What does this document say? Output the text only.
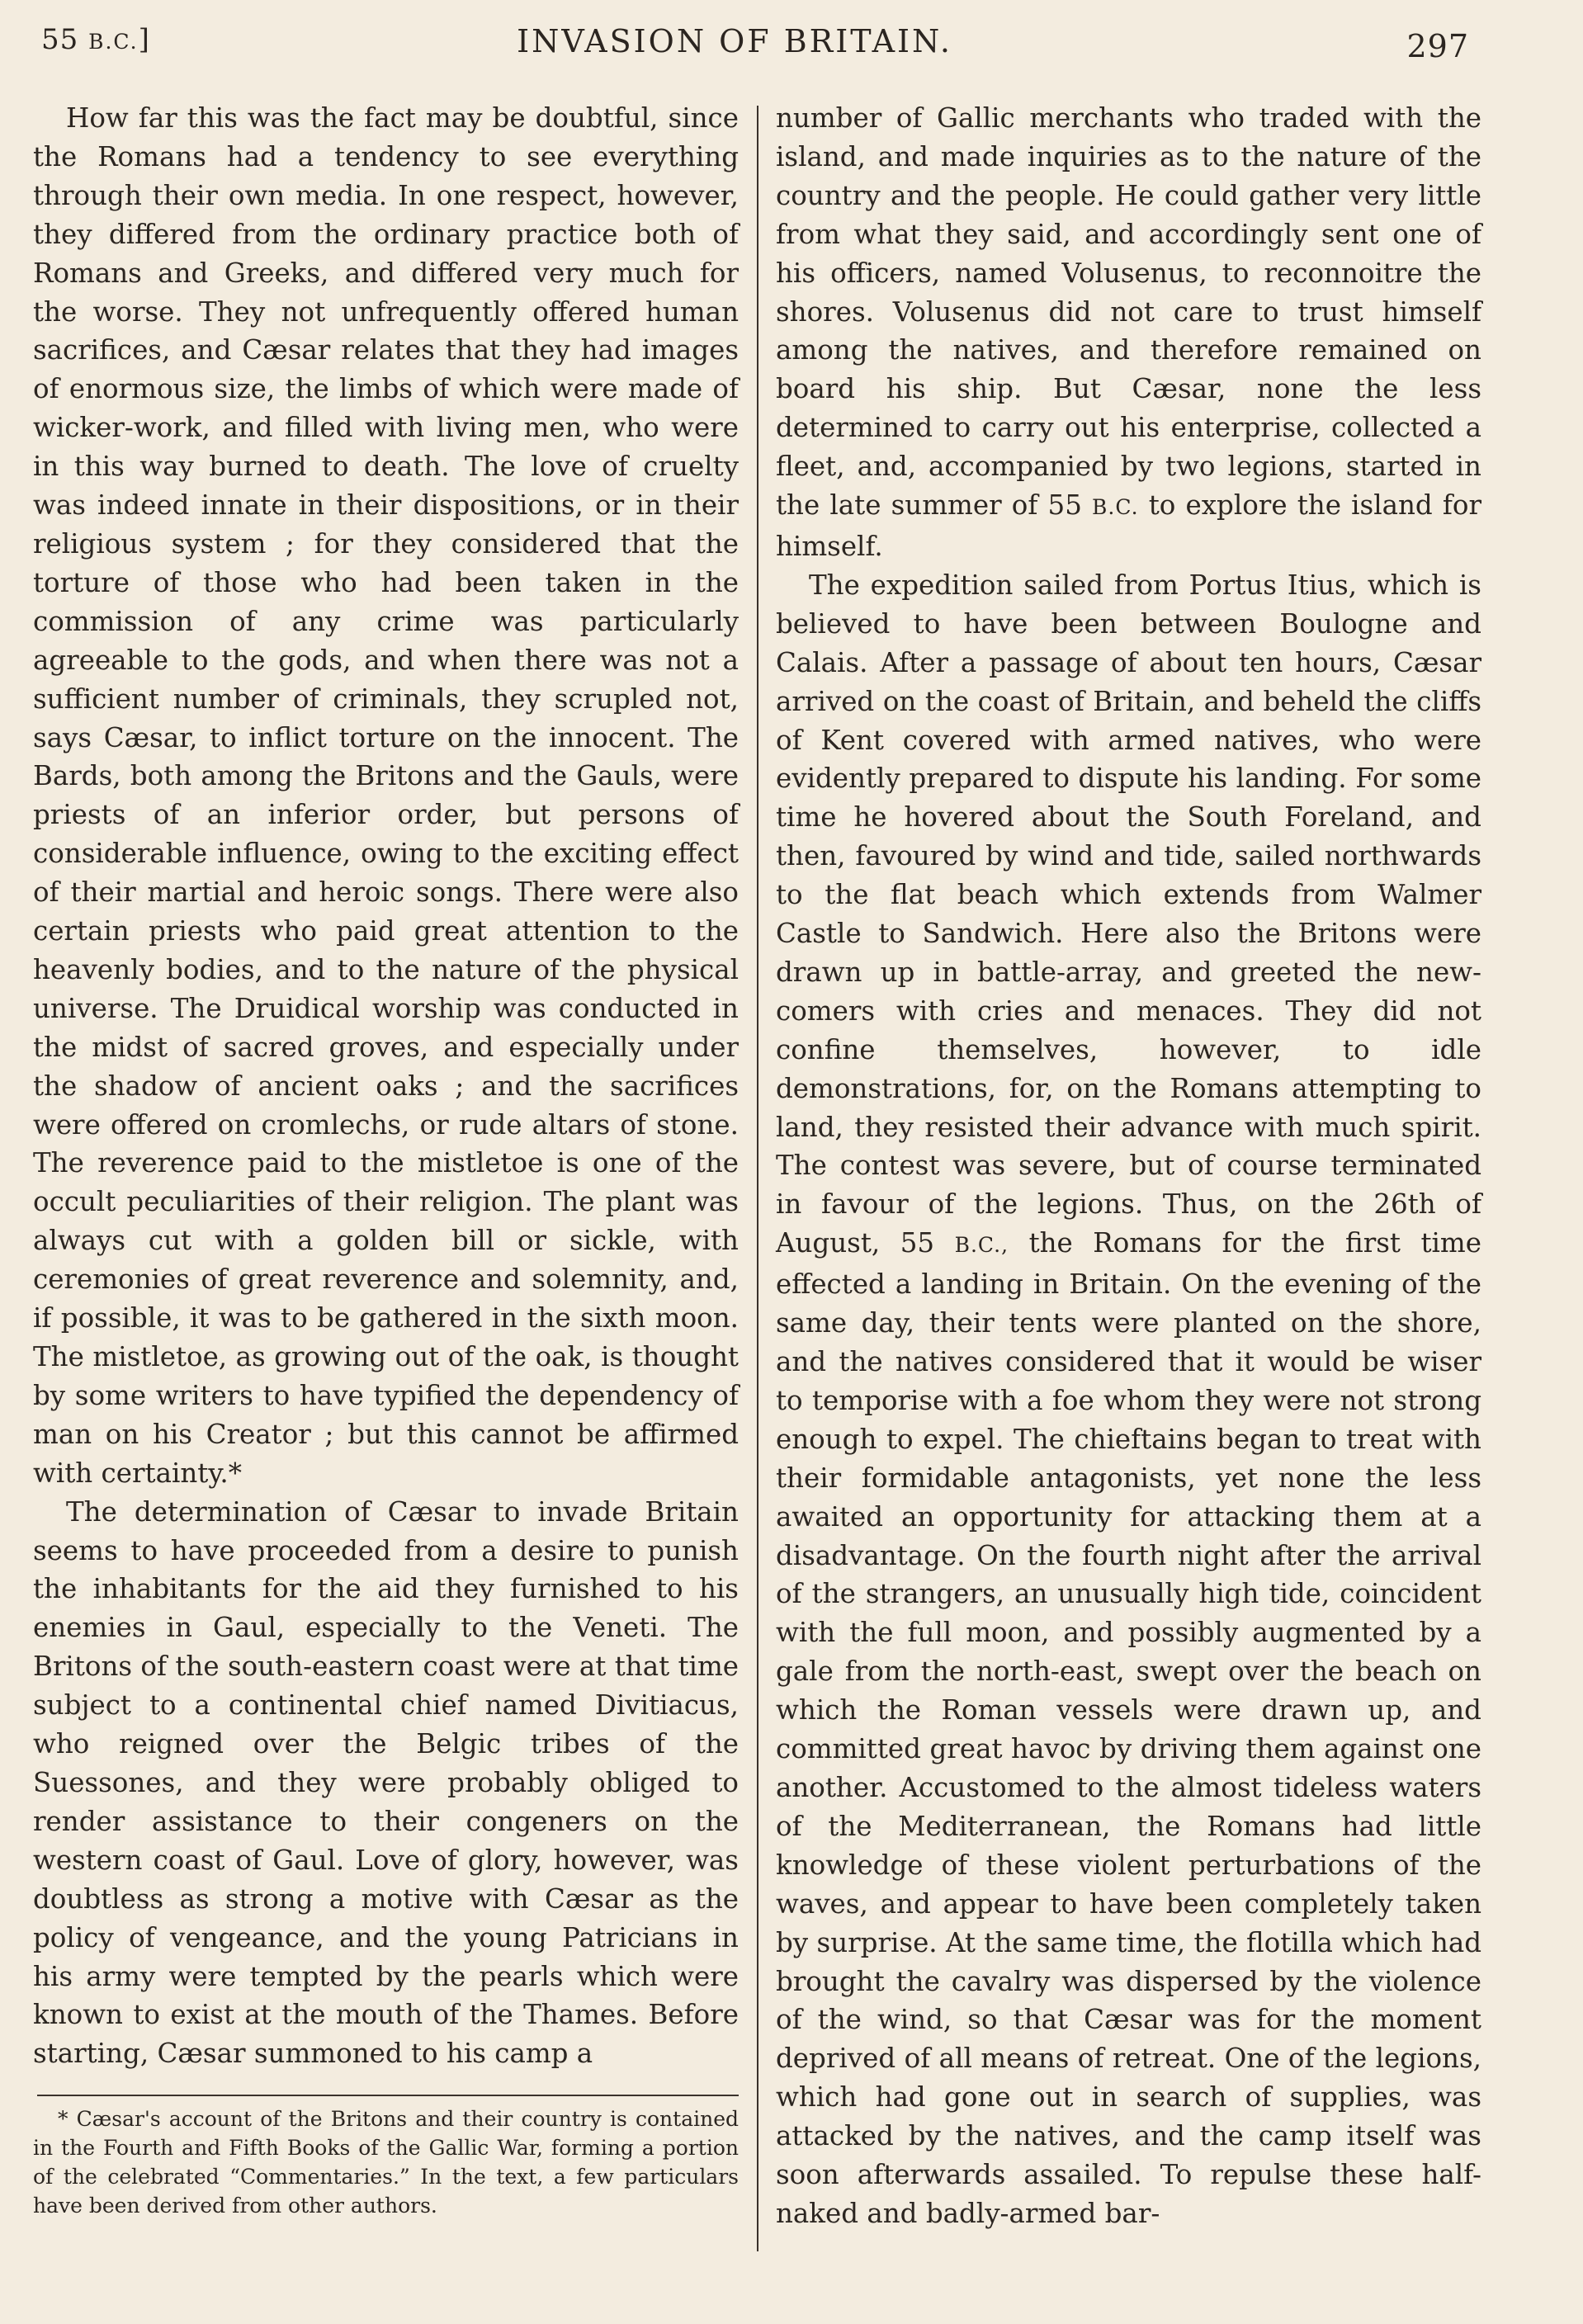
55 B.C.]	INVASION OF BRITAIN.	297

How far this was the fact may be doubtful, since the Romans had a tendency to see everything through their own media. In one respect, however, they differed from the ordinary practice both of Romans and Greeks, and differed very much for the worse. They not unfrequently offered human sacrifices, and Cæsar relates that they had images of enormous size, the limbs of which were made of wicker-work, and filled with living men, who were in this way burned to death. The love of cruelty was indeed innate in their dispositions, or in their religious system ; for they considered that the torture of those who had been taken in the commission of any crime was particularly agreeable to the gods, and when there was not a sufficient number of criminals, they scrupled not, says Cæsar, to inflict torture on the innocent. The Bards, both among the Britons and the Gauls, were priests of an inferior order, but persons of considerable influence, owing to the exciting effect of their martial and heroic songs. There were also certain priests who paid great attention to the heavenly bodies, and to the nature of the physical universe. The Druidical worship was conducted in the midst of sacred groves, and especially under the shadow of ancient oaks ; and the sacrifices were offered on cromlechs, or rude altars of stone. The reverence paid to the mistletoe is one of the occult peculiarities of their religion. The plant was always cut with a golden bill or sickle, with ceremonies of great reverence and solemnity, and, if possible, it was to be gathered in the sixth moon. The mistletoe, as growing out of the oak, is thought by some writers to have typified the dependency of man on his Creator ; but this cannot be affirmed with certainty.*

The determination of Cæsar to invade Britain seems to have proceeded from a desire to punish the inhabitants for the aid they furnished to his enemies in Gaul, especially to the Veneti. The Britons of the south-eastern coast were at that time subject to a continental chief named Divitiacus, who reigned over the Belgic tribes of the Suessones, and they were probably obliged to render assistance to their congeners on the western coast of Gaul. Love of glory, however, was doubtless as strong a motive with Cæsar as the policy of vengeance, and the young Patricians in his army were tempted by the pearls which were known to exist at the mouth of the Thames. Before starting, Cæsar summoned to his camp a

number of Gallic merchants who traded with the island, and made inquiries as to the nature of the country and the people. He could gather very little from what they said, and accordingly sent one of his officers, named Volusenus, to reconnoitre the shores. Volusenus did not care to trust himself among the natives, and therefore remained on board his ship. But Cæsar, none the less determined to carry out his enterprise, collected a fleet, and, accompanied by two legions, started in the late summer of 55 B.C. to explore the island for himself.

The expedition sailed from Portus Itius, which is believed to have been between Boulogne and Calais. After a passage of about ten hours, Cæsar arrived on the coast of Britain, and beheld the cliffs of Kent covered with armed natives, who were evidently prepared to dispute his landing. For some time he hovered about the South Foreland, and then, favoured by wind and tide, sailed northwards to the flat beach which extends from Walmer Castle to Sandwich. Here also the Britons were drawn up in battle-array, and greeted the new-comers with cries and menaces. They did not confine themselves, however, to idle demonstrations, for, on the Romans attempting to land, they resisted their advance with much spirit. The contest was severe, but of course terminated in favour of the legions. Thus, on the 26th of August, 55 B.C., the Romans for the first time effected a landing in Britain. On the evening of the same day, their tents were planted on the shore, and the natives considered that it would be wiser to temporise with a foe whom they were not strong enough to expel. The chieftains began to treat with their formidable antagonists, yet none the less awaited an opportunity for attacking them at a disadvantage. On the fourth night after the arrival of the strangers, an unusually high tide, coincident with the full moon, and possibly augmented by a gale from the north-east, swept over the beach on which the Roman vessels were drawn up, and committed great havoc by driving them against one another. Accustomed to the almost tideless waters of the Mediterranean, the Romans had little knowledge of these violent perturbations of the waves, and appear to have been completely taken by surprise. At the same time, the flotilla which had brought the cavalry was dispersed by the violence of the wind, so that Cæsar was for the moment deprived of all means of retreat. One of the legions, which had gone out in search of supplies, was attacked by the natives, and the camp itself was soon afterwards assailed. To repulse these half-naked and badly-armed bar-

* Cæsar's account of the Britons and their country is contained in the Fourth and Fifth Books of the Gallic War, forming a portion of the celebrated “Commentaries.” In the text, a few particulars have been derived from other authors.
